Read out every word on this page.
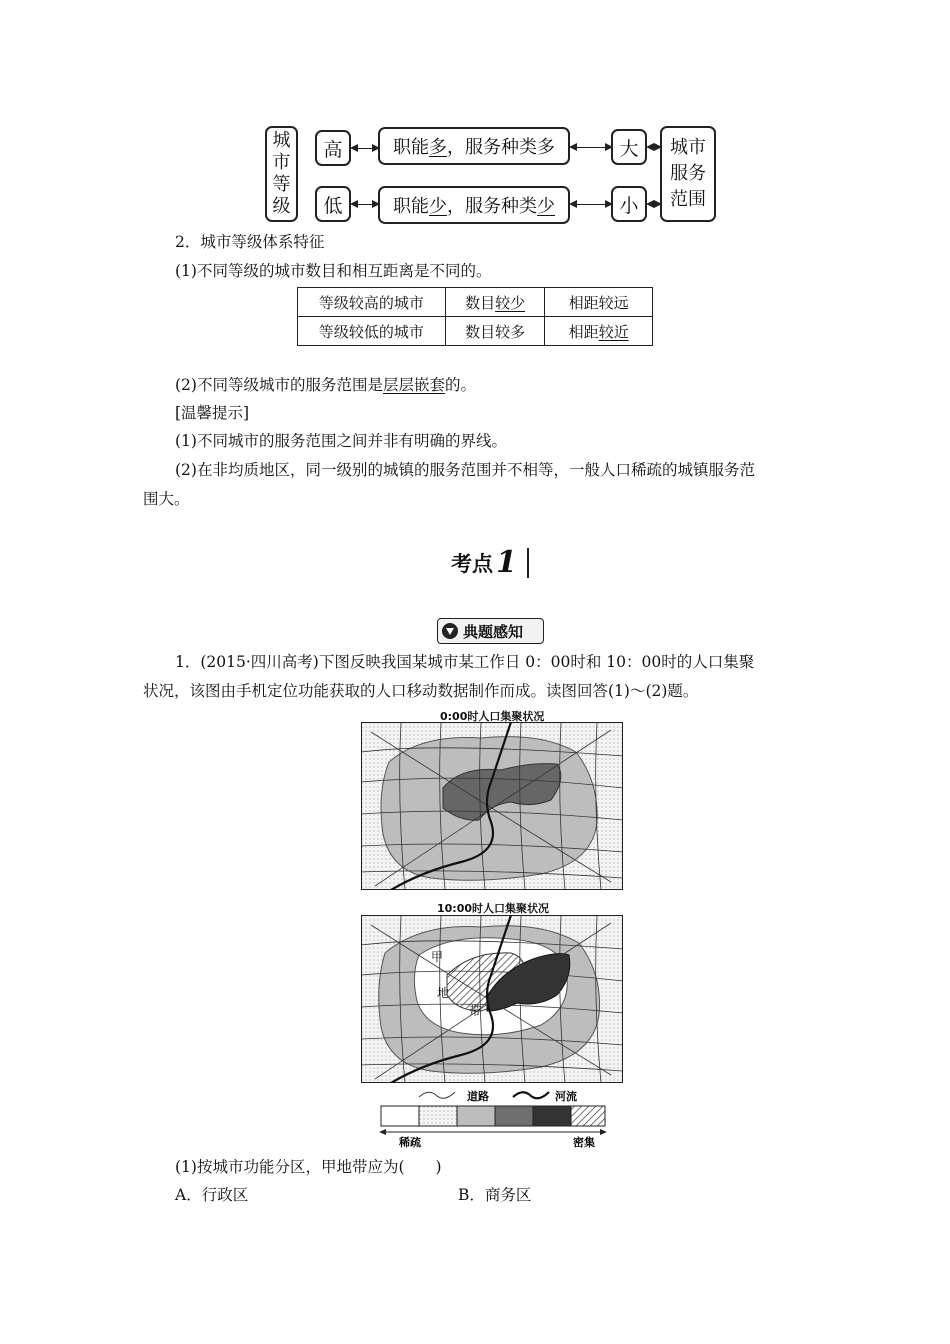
城
市
等
级
高
低
职能多，服务种类多
职能少，服务种类少
大
小
城市
服务
范围
2．城市等级体系特征
(1)不同等级的城市数目和相互距离是不同的。
等级较高的城市	数目较少	相距较远
等级较低的城市	数目较多	相距较近
(2)不同等级城市的服务范围是层层嵌套的。
[温馨提示]
(1)不同城市的服务范围之间并非有明确的界线。
(2)在非均质地区，同一级别的城镇的服务范围并不相等，一般人口稀疏的城镇服务范
围大。
考点 1
典题感知
1．(2015·四川高考)下图反映我国某城市某工作日 0：00时和 10：00时的人口集聚
状况，该图由手机定位功能获取的人口移动数据制作而成。读图回答(1)～(2)题。
0:00时人口集聚状况
10:00时人口集聚状况
甲
地
带
道路	河流
稀疏	密集
(1)按城市功能分区，甲地带应为(　　)
A．行政区	B．商务区
